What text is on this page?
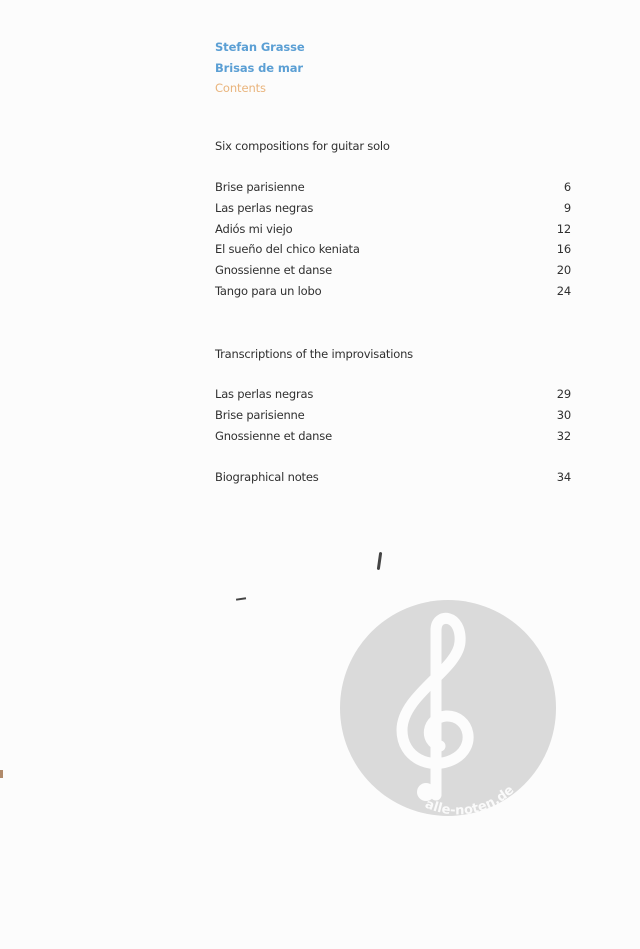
Stefan Grasse
Brisas de mar
Contents
Six compositions for guitar solo
Brise parisienne	6
Las perlas negras	9
Adiós mi viejo	12
El sueño del chico keniata	16
Gnossienne et danse	20
Tango para un lobo	24
Transcriptions of the improvisations
Las perlas negras	29
Brise parisienne	30
Gnossienne et danse	32
Biographical notes	34
alle-noten.de
